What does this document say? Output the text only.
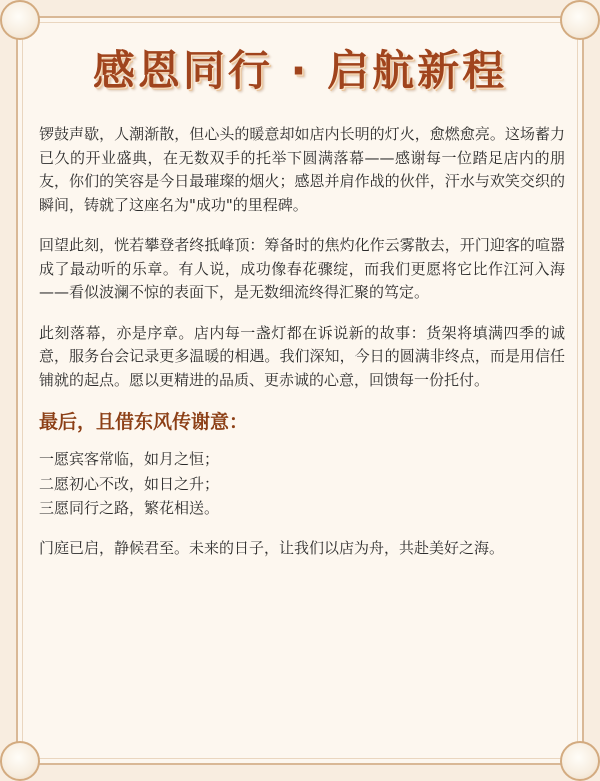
感恩同行 · 启航新程

锣鼓声歇，人潮渐散，但心头的暖意却如店内长明的灯火，愈燃愈亮。这场蓄力已久的开业盛典，在无数双手的托举下圆满落幕——感谢每一位踏足店内的朋友，你们的笑容是今日最璀璨的烟火；感恩并肩作战的伙伴，汗水与欢笑交织的瞬间，铸就了这座名为"成功"的里程碑。

回望此刻，恍若攀登者终抵峰顶：筹备时的焦灼化作云雾散去，开门迎客的喧嚣成了最动听的乐章。有人说，成功像春花骤绽，而我们更愿将它比作江河入海——看似波澜不惊的表面下，是无数细流终得汇聚的笃定。

此刻落幕，亦是序章。店内每一盏灯都在诉说新的故事：货架将填满四季的诚意，服务台会记录更多温暖的相遇。我们深知，今日的圆满非终点，而是用信任铺就的起点。愿以更精进的品质、更赤诚的心意，回馈每一份托付。

最后，且借东风传谢意：
一愿宾客常临，如月之恒；
二愿初心不改，如日之升；
三愿同行之路，繁花相送。

门庭已启，静候君至。未来的日子，让我们以店为舟，共赴美好之海。
